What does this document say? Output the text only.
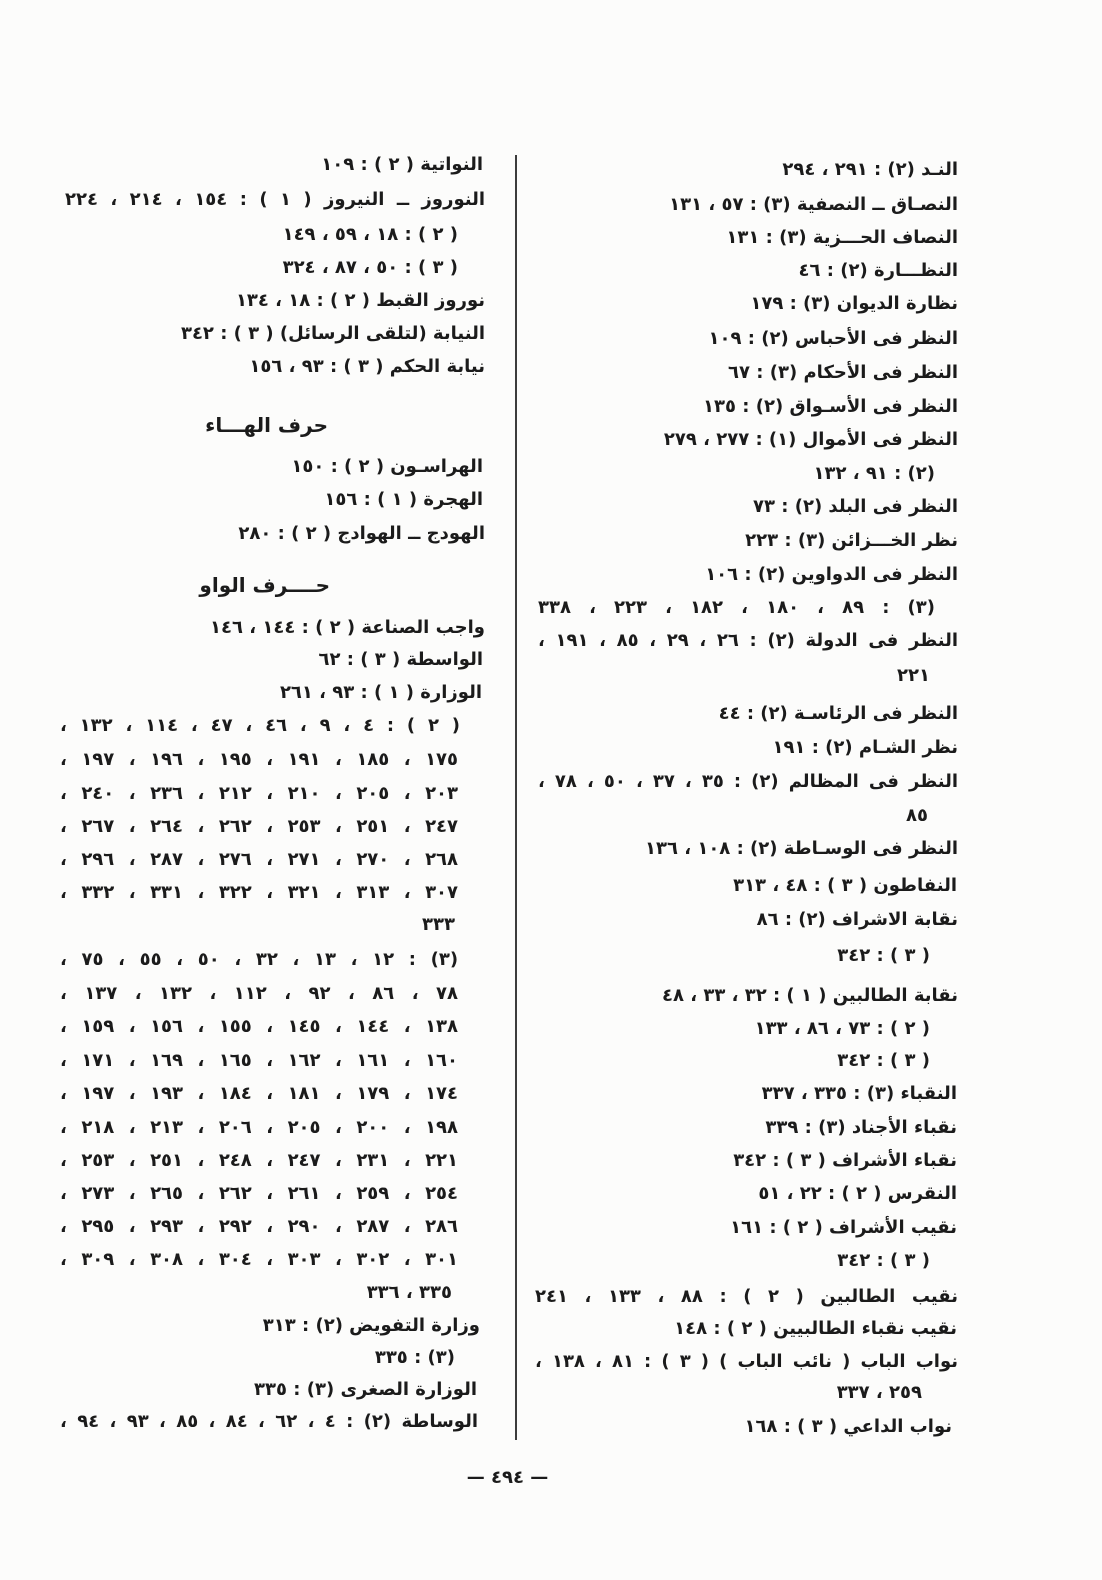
النـد (٢) : ٢٩١ ، ٢٩٤
النصـاق ــ النصفية (٣) : ٥٧ ، ١٣١
النصاف الحـــزية (٣) : ١٣١
النظـــارة (٢) : ٤٦
نظارة الديوان (٣) : ١٧٩
النظر فى الأحباس (٢) : ١٠٩
النظر فى الأحكام (٣) : ٦٧
النظر فى الأسـواق (٢) : ١٣٥
النظر فى الأموال (١) : ٢٧٧ ، ٢٧٩
(٢) : ٩١ ، ١٣٢
النظر فى البلد (٢) : ٧٣
نظر الخـــزائن (٣) : ٢٢٣
النظر فى الدواوين (٢) : ١٠٦
(٣) : ٨٩ ، ١٨٠ ، ١٨٢ ، ٢٢٣ ، ٣٣٨
النظر فى الدولة (٢) : ٢٦ ، ٢٩ ، ٨٥ ، ١٩١ ،
٢٢١
النظر فى الرئاسـة (٢) : ٤٤
نظر الشـام (٢) : ١٩١
النظر فى المظالم (٢) : ٣٥ ، ٣٧ ، ٥٠ ، ٧٨ ،
٨٥
النظر فى الوسـاطة (٢) : ١٠٨ ، ١٣٦
النفاطون ( ٣ ) : ٤٨ ، ٣١٣
نقابة الاشراف (٢) : ٨٦
( ٣ ) : ٣٤٢
نقابة الطالبين ( ١ ) : ٣٢ ، ٣٣ ، ٤٨
( ٢ ) : ٧٣ ، ٨٦ ، ١٣٣
( ٣ ) : ٣٤٢
النقباء (٣) : ٣٣٥ ، ٣٣٧
نقباء الأجناد (٣) : ٣٣٩
نقباء الأشراف ( ٣ ) : ٣٤٢
النقرس ( ٢ ) : ٢٢ ، ٥١
نقيب الأشراف ( ٢ ) : ١٦١
( ٣ ) : ٣٤٢
نقيب الطالبين ( ٢ ) : ٨٨ ، ١٣٣ ، ٢٤١
نقيب نقباء الطالبيين ( ٢ ) : ١٤٨
نواب الباب ( نائب الباب ) ( ٣ ) : ٨١ ، ١٣٨ ،
٢٥٩ ، ٣٣٧
نواب الداعي ( ٣ ) : ١٦٨
النواتية ( ٢ ) : ١٠٩
النوروز ــ النيروز ( ١ ) : ١٥٤ ، ٢١٤ ، ٢٢٤
( ٢ ) : ١٨ ، ٥٩ ، ١٤٩
( ٣ ) : ٥٠ ، ٨٧ ، ٣٢٤
نوروز القبط ( ٢ ) : ١٨ ، ١٣٤
النيابة (لتلقى الرسائل) ( ٣ ) : ٣٤٢
نيابة الحكم ( ٣ ) : ٩٣ ، ١٥٦
حرف الهـــاء
الهراسـون ( ٢ ) : ١٥٠
الهجرة ( ١ ) : ١٥٦
الهودج ــ الهوادج ( ٢ ) : ٢٨٠
حــــرف الواو
واجب الصناعة ( ٢ ) : ١٤٤ ، ١٤٦
الواسطة ( ٣ ) : ٦٢
الوزارة ( ١ ) : ٩٣ ، ٢٦١
( ٢ ) : ٤ ، ٩ ، ٤٦ ، ٤٧ ، ١١٤ ، ١٣٢ ،
١٧٥ ، ١٨٥ ، ١٩١ ، ١٩٥ ، ١٩٦ ، ١٩٧ ،
٢٠٣ ، ٢٠٥ ، ٢١٠ ، ٢١٢ ، ٢٣٦ ، ٢٤٠ ،
٢٤٧ ، ٢٥١ ، ٢٥٣ ، ٢٦٢ ، ٢٦٤ ، ٢٦٧ ،
٢٦٨ ، ٢٧٠ ، ٢٧١ ، ٢٧٦ ، ٢٨٧ ، ٢٩٦ ،
٣٠٧ ، ٣١٣ ، ٣٢١ ، ٣٢٢ ، ٣٣١ ، ٣٣٢ ،
٣٣٣
(٣) : ١٢ ، ١٣ ، ٣٢ ، ٥٠ ، ٥٥ ، ٧٥ ،
٧٨ ، ٨٦ ، ٩٢ ، ١١٢ ، ١٣٢ ، ١٣٧ ،
١٣٨ ، ١٤٤ ، ١٤٥ ، ١٥٥ ، ١٥٦ ، ١٥٩ ،
١٦٠ ، ١٦١ ، ١٦٢ ، ١٦٥ ، ١٦٩ ، ١٧١ ،
١٧٤ ، ١٧٩ ، ١٨١ ، ١٨٤ ، ١٩٣ ، ١٩٧ ،
١٩٨ ، ٢٠٠ ، ٢٠٥ ، ٢٠٦ ، ٢١٣ ، ٢١٨ ،
٢٢١ ، ٢٣١ ، ٢٤٧ ، ٢٤٨ ، ٢٥١ ، ٢٥٣ ،
٢٥٤ ، ٢٥٩ ، ٢٦١ ، ٢٦٢ ، ٢٦٥ ، ٢٧٣ ،
٢٨٦ ، ٢٨٧ ، ٢٩٠ ، ٢٩٢ ، ٢٩٣ ، ٢٩٥ ،
٣٠١ ، ٣٠٢ ، ٣٠٣ ، ٣٠٤ ، ٣٠٨ ، ٣٠٩ ،
٣٣٥ ، ٣٣٦
وزارة التفويض (٢) : ٣١٣
(٣) : ٣٣٥
الوزارة الصغرى (٣) : ٣٣٥
الوساطة (٢) : ٤ ، ٦٢ ، ٨٤ ، ٨٥ ، ٩٣ ، ٩٤ ،
— ٤٩٤ —
